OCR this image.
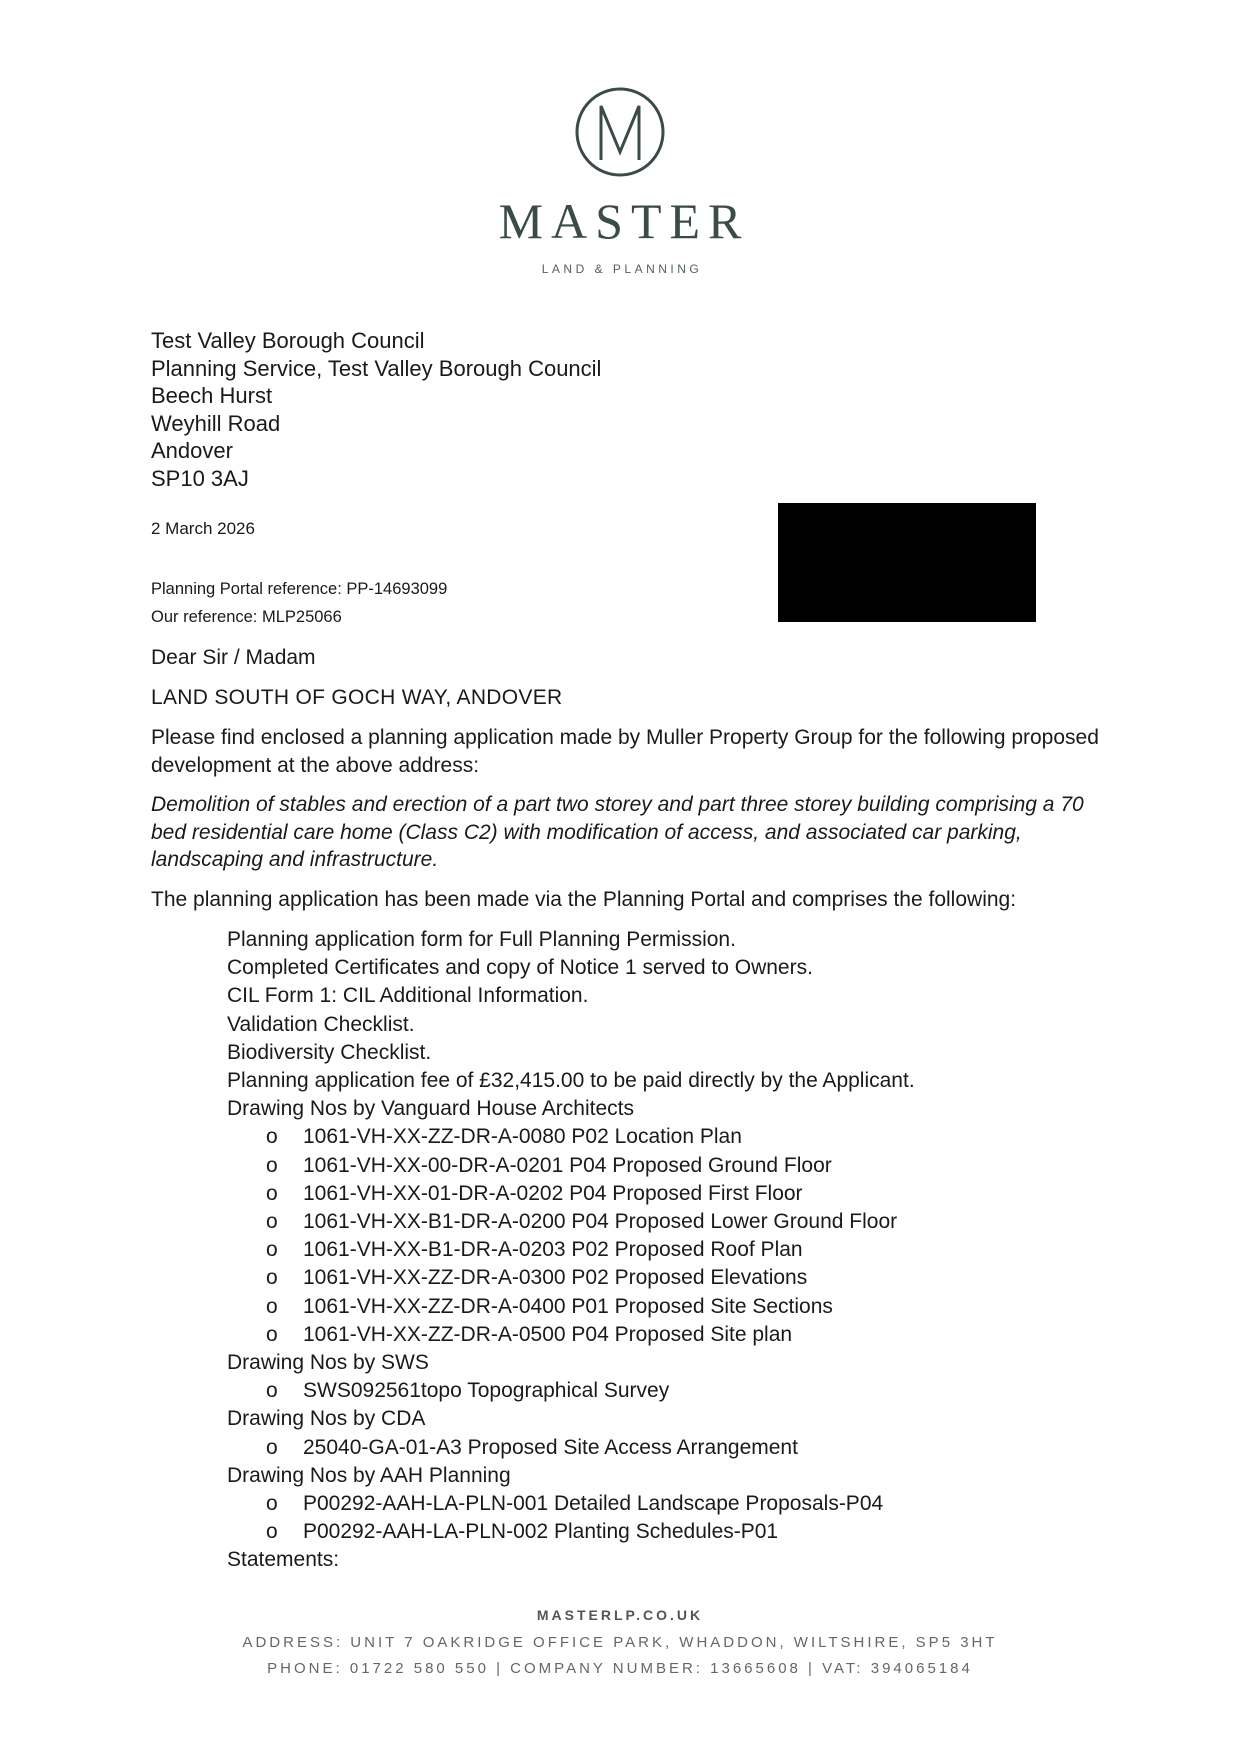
MASTER
LAND & PLANNING
Test Valley Borough Council
Planning Service, Test Valley Borough Council
Beech Hurst
Weyhill Road
Andover
SP10 3AJ
2 March 2026
Planning Portal reference: PP-14693099
Our reference: MLP25066

Dear Sir / Madam

LAND SOUTH OF GOCH WAY, ANDOVER

Please find enclosed a planning application made by Muller Property Group for the following proposed development at the above address:

Demolition of stables and erection of a part two storey and part three storey building comprising a 70 bed residential care home (Class C2) with modification of access, and associated car parking, landscaping and infrastructure.

The planning application has been made via the Planning Portal and comprises the following:

Planning application form for Full Planning Permission.
Completed Certificates and copy of Notice 1 served to Owners.
CIL Form 1: CIL Additional Information.
Validation Checklist.
Biodiversity Checklist.
Planning application fee of £32,415.00 to be paid directly by the Applicant.
Drawing Nos by Vanguard House Architects
o 1061-VH-XX-ZZ-DR-A-0080 P02 Location Plan
o 1061-VH-XX-00-DR-A-0201 P04 Proposed Ground Floor
o 1061-VH-XX-01-DR-A-0202 P04 Proposed First Floor
o 1061-VH-XX-B1-DR-A-0200 P04 Proposed Lower Ground Floor
o 1061-VH-XX-B1-DR-A-0203 P02 Proposed Roof Plan
o 1061-VH-XX-ZZ-DR-A-0300 P02 Proposed Elevations
o 1061-VH-XX-ZZ-DR-A-0400 P01 Proposed Site Sections
o 1061-VH-XX-ZZ-DR-A-0500 P04 Proposed Site plan
Drawing Nos by SWS
o SWS092561topo Topographical Survey
Drawing Nos by CDA
o 25040-GA-01-A3 Proposed Site Access Arrangement
Drawing Nos by AAH Planning
o P00292-AAH-LA-PLN-001 Detailed Landscape Proposals-P04
o P00292-AAH-LA-PLN-002 Planting Schedules-P01
Statements:
MASTERLP.CO.UK
ADDRESS: UNIT 7 OAKRIDGE OFFICE PARK, WHADDON, WILTSHIRE, SP5 3HT
PHONE: 01722 580 550 | COMPANY NUMBER: 13665608 | VAT: 394065184
